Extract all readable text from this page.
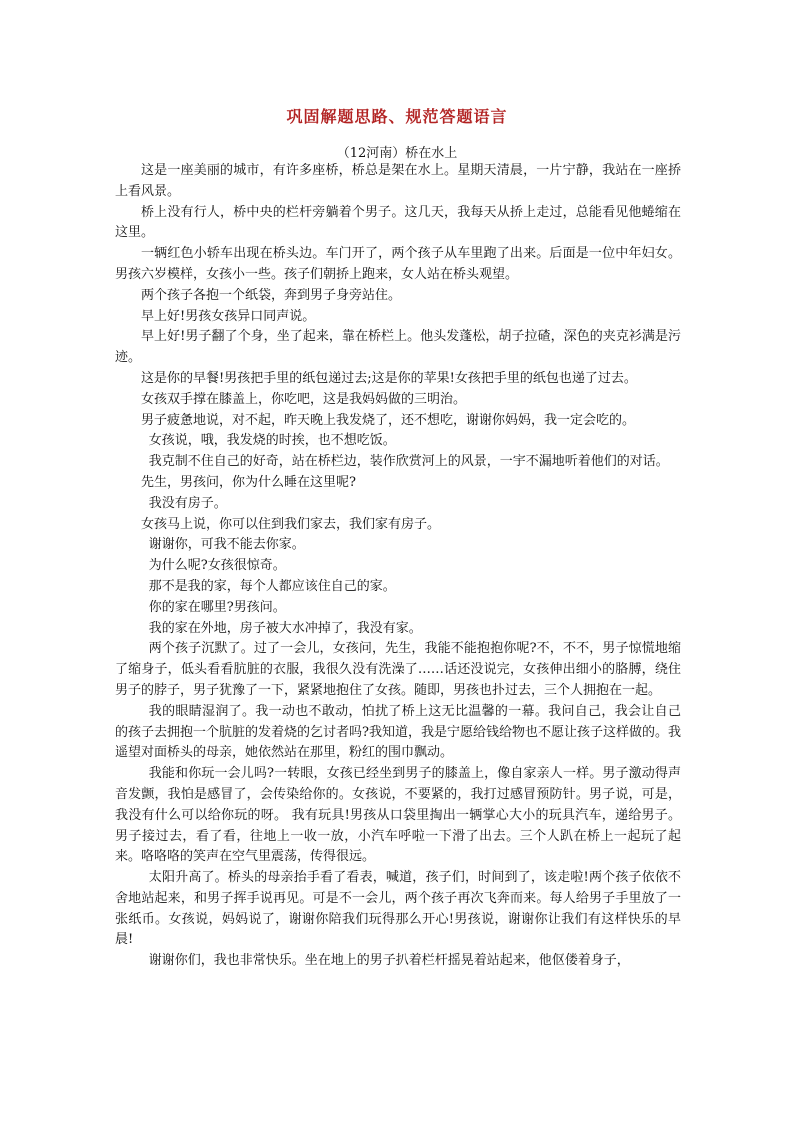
巩固解题思路、规范答题语言
（12河南）桥在水上

这是一座美丽的城市，有许多座桥，桥总是架在水上。星期天清晨，一片宁静，我站在一座挢上看风景。

桥上没有行人，桥中央的栏杆旁躺着个男子。这几天，我每天从挢上走过，总能看见他蜷缩在这里。

一辆红色小轿车出现在桥头边。车门开了，两个孩子从车里跑了出来。后面是一位中年妇女。男孩六岁模样，女孩小一些。孩子们朝挢上跑来，女人站在桥头观望。

两个孩子各抱一个纸袋，奔到男子身旁站住。

早上好!男孩女孩异口同声说。

早上好!男子翻了个身，坐了起来，靠在桥栏上。他头发蓬松，胡子拉碴，深色的夹克衫满是污迹。

这是你的早餐!男孩把手里的纸包递过去;这是你的苹果!女孩把手里的纸包也递了过去。

女孩双手撑在膝盖上，你吃吧，这是我妈妈做的三明治。

男子疲惫地说，对不起，昨天晚上我发烧了，还不想吃，谢谢你妈妈，我一定会吃的。

女孩说，哦，我发烧的时挨，也不想吃饭。

我克制不住自己的好奇，站在桥栏边，装作欣赏河上的风景，一宇不漏地听着他们的对话。

先生，男孩问，你为什么睡在这里呢?

我没有房子。

女孩马上说，你可以住到我们家去，我们家有房子。

谢谢你，可我不能去你家。

为什么呢?女孩很惊奇。

那不是我的家，每个人都应该住自己的家。

你的家在哪里?男孩问。

我的家在外地，房子被大水冲掉了，我没有家。

两个孩子沉默了。过了一会儿，女孩问，先生，我能不能抱抱你呢?不，不不，男子惊慌地缩了缩身子，低头看看肮脏的衣服，我很久没有洗澡了……话还没说完，女孩伸出细小的胳膊，绕住男子的脖子，男子犹豫了一下，紧紧地抱住了女孩。随即，男孩也扑过去，三个人拥抱在一起。

我的眼睛湿润了。我一动也不敢动，怕扰了桥上这无比温馨的一幕。我问自己，我会让自己的孩子去拥抱一个肮脏的发着烧的乞讨者吗?我知道，我是宁愿给钱给物也不愿让孩子这样做的。我遥望对面桥头的母亲，她依然站在那里，粉红的围巾飘动。

我能和你玩一会儿吗?一转眼，女孩已经坐到男子的膝盖上，像自家亲人一样。男子激动得声音发颤，我怕是感冒了，会传染给你的。女孩说，不要紧的，我打过感冒预防针。男子说，可是，我没有什么可以给你玩的呀。 我有玩具!男孩从口袋里掏出一辆掌心大小的玩具汽车，递给男子。男子接过去，看了看，往地上一收一放，小汽车呼啦一下滑了出去。三个人趴在桥上一起玩了起来。咯咯咯的笑声在空气里震荡，传得很远。

太阳升高了。桥头的母亲抬手看了看表，喊道，孩子们，时间到了，该走啦!两个孩子依依不舍地站起来，和男子挥手说再见。可是不一会儿，两个孩子再次飞奔而来。每人给男子手里放了一张纸币。女孩说，妈妈说了，谢谢你陪我们玩得那么开心!男孩说，谢谢你让我们有这样快乐的早晨!

谢谢你们，我也非常快乐。坐在地上的男子扒着栏杆摇晃着站起来，他伛偻着身子，
